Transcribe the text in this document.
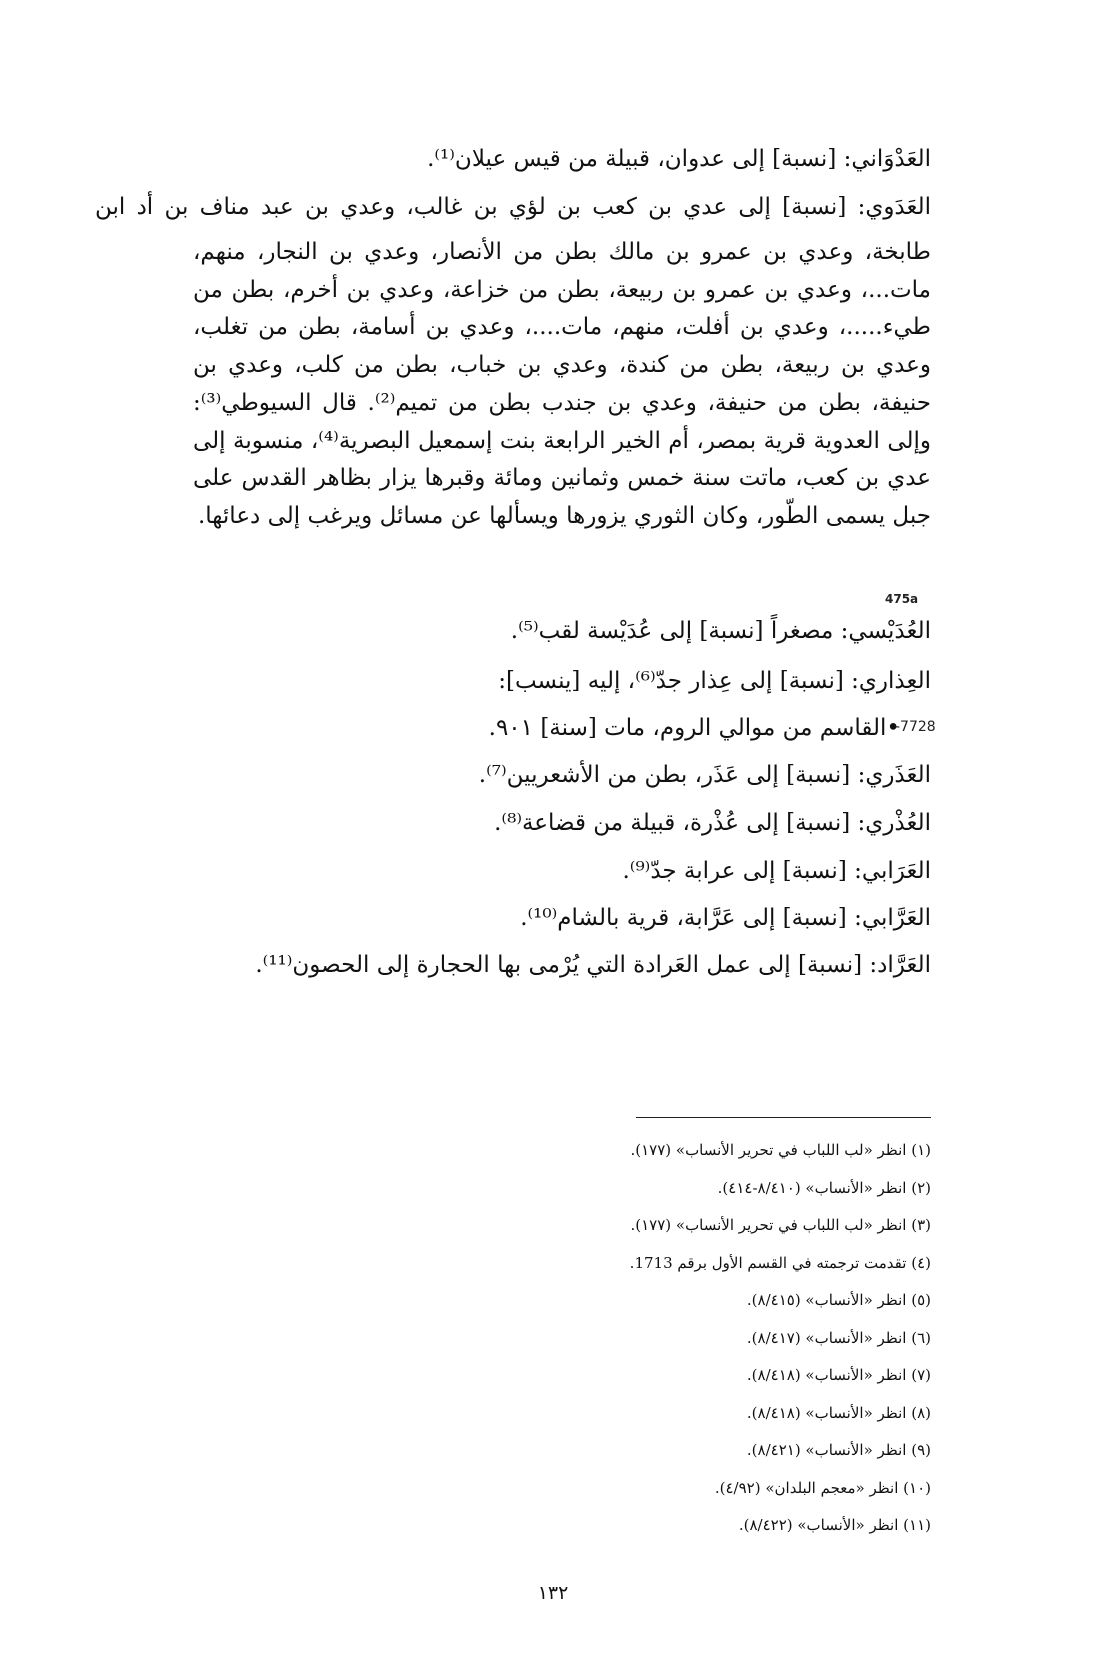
العَدْوَاني: [نسبة] إلى عدوان، قبيلة من قيس عيلان⁽¹⁾.

العَدَوي: [نسبة] إلى عدي بن كعب بن لؤي بن غالب، وعدي بن عبد مناف بن أد ابن

طابخة، وعدي بن عمرو بن مالك بطن من الأنصار، وعدي بن النجار، منهم، مات...، وعدي بن عمرو بن ربيعة، بطن من خزاعة، وعدي بن أخرم، بطن من طيء.....، وعدي بن أفلت، منهم، مات....، وعدي بن أسامة، بطن من تغلب، وعدي بن ربيعة، بطن من كندة، وعدي بن خباب، بطن من كلب، وعدي بن حنيفة، بطن من حنيفة، وعدي بن جندب بطن من تميم⁽²⁾. قال السيوطي⁽³⁾: وإلى العدوية قرية بمصر، أم الخير الرابعة بنت إسمعيل البصرية⁽⁴⁾، منسوبة إلى عدي بن كعب، ماتت سنة خمس وثمانين ومائة وقبرها يزار بظاهر القدس على جبل يسمى الطّور، وكان الثوري يزورها ويسألها عن مسائل ويرغب إلى دعائها.

475a

العُدَيْسي: مصغراً [نسبة] إلى عُدَيْسة لقب⁽⁵⁾.

العِذاري: [نسبة] إلى عِذار جدّ⁽⁶⁾، إليه [ينسب]:

•القاسم من موالي الروم، مات [سنة] ٩٠١.

-7728

العَذَري: [نسبة] إلى عَذَر، بطن من الأشعريين⁽⁷⁾.

العُذْري: [نسبة] إلى عُذْرة، قبيلة من قضاعة⁽⁸⁾.

العَرَابي: [نسبة] إلى عرابة جدّ⁽⁹⁾.

العَرَّابي: [نسبة] إلى عَرَّابة، قرية بالشام⁽¹⁰⁾.

العَرَّاد: [نسبة] إلى عمل العَرادة التي يُرْمى بها الحجارة إلى الحصون⁽¹¹⁾.

(١) انظر «لب اللباب في تحرير الأنساب» (١٧٧).

(٢) انظر «الأنساب» (٨/٤١٠-٤١٤).

(٣) انظر «لب اللباب في تحرير الأنساب» (١٧٧).

(٤) تقدمت ترجمته في القسم الأول برقم 1713.

(٥) انظر «الأنساب» (٨/٤١٥).

(٦) انظر «الأنساب» (٨/٤١٧).

(٧) انظر «الأنساب» (٨/٤١٨).

(٨) انظر «الأنساب» (٨/٤١٨).

(٩) انظر «الأنساب» (٨/٤٢١).

(١٠) انظر «معجم البلدان» (٤/٩٢).

(١١) انظر «الأنساب» (٨/٤٢٢).

١٣٢
